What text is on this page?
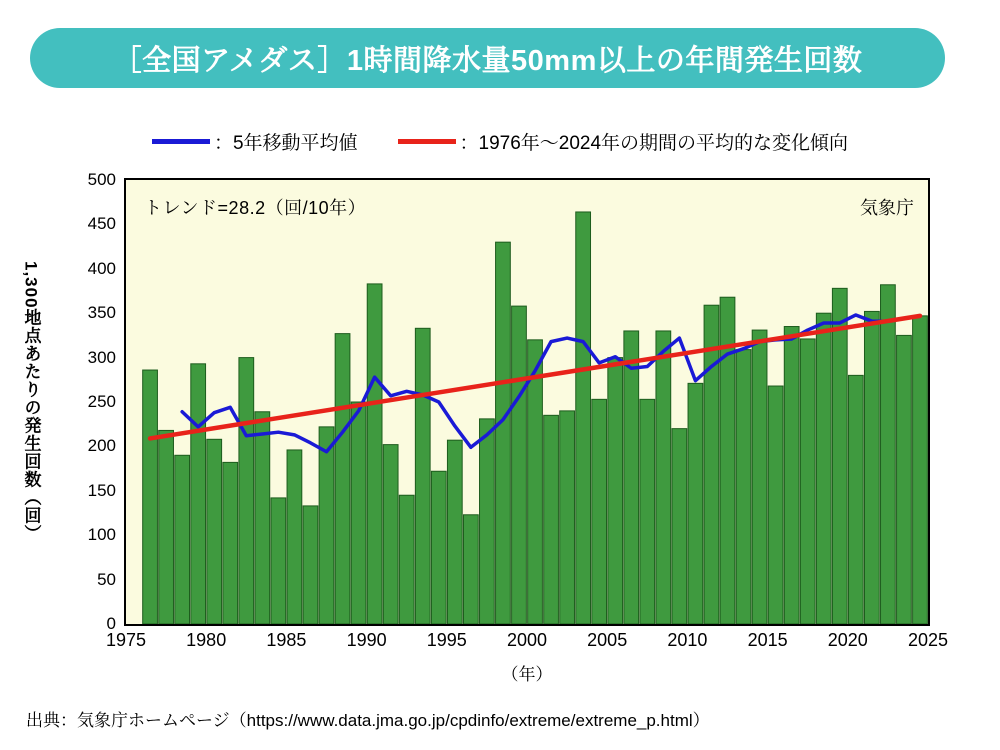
［全国アメダス］1時間降水量50mm以上の年間発生回数
：5年移動平均値	：1976年〜2024年の期間の平均的な変化傾向
1,300地点あたりの発生回数（回）
0
50
100
150
200
250
300
350
400
450
500
トレンド=28.2（回/10年）	気象庁
1975 1980 1985 1990 1995 2000 2005 2010 2015 2020 2025
（年）
出典：気象庁ホームページ（https://www.data.jma.go.jp/cpdinfo/extreme/extreme_p.html）
